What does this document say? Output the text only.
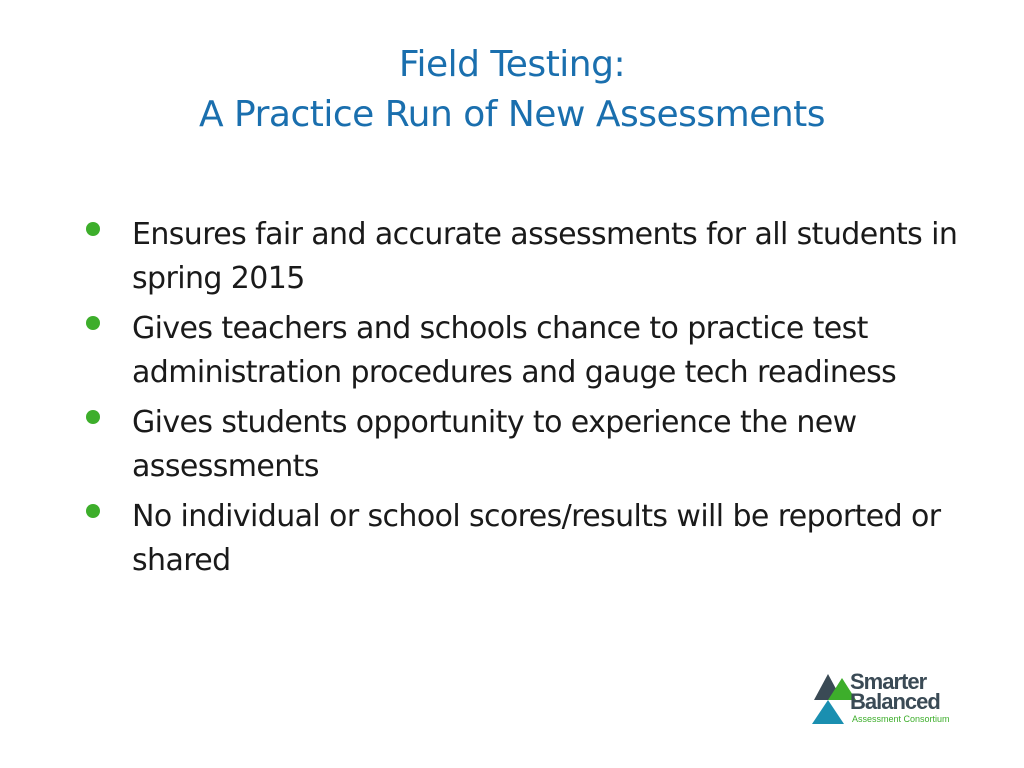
Field Testing:
A Practice Run of New Assessments
Ensures fair and accurate assessments for all students in spring 2015
Gives teachers and schools chance to practice test administration procedures and gauge tech readiness
Gives students opportunity to experience the new assessments
No individual or school scores/results will be reported or shared
Smarter
Balanced
Assessment Consortium
